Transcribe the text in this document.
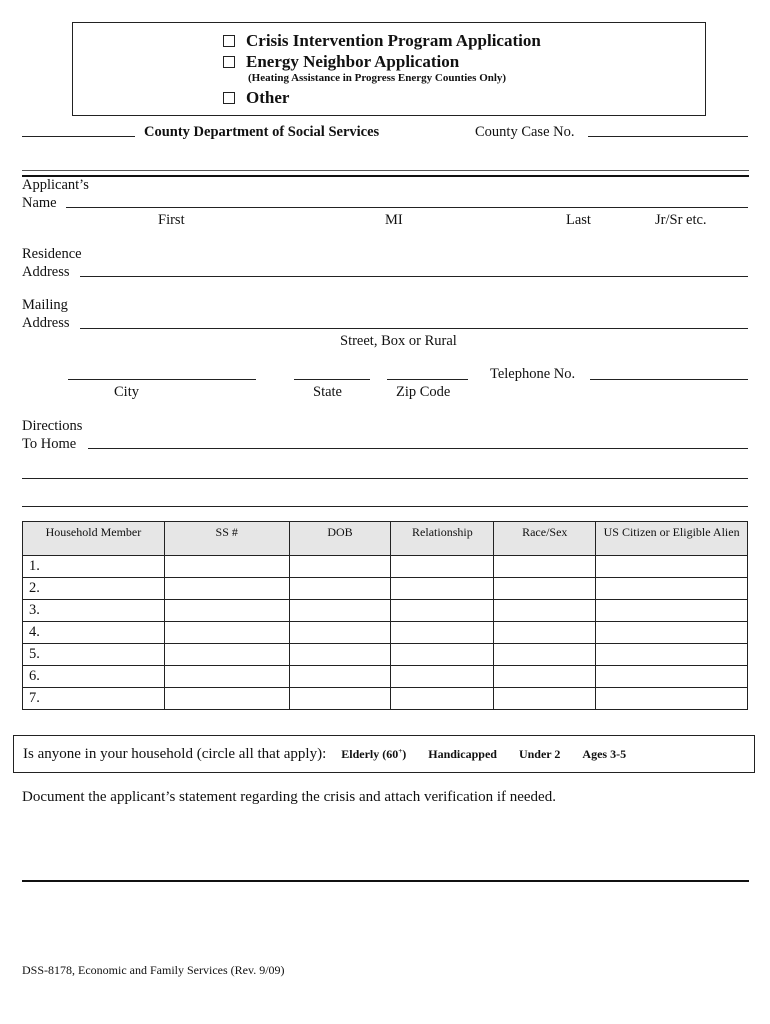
Crisis Intervention Program Application
Energy Neighbor Application
(Heating Assistance in Progress Energy Counties Only)
Other
County Department of Social Services	County Case No.
Applicant’s
Name
First	MI	Last	Jr/Sr etc.
Residence
Address
Mailing
Address
Street, Box or Rural
City	State	Zip Code
Telephone No.
Directions
To Home
Household Member	SS #	DOB	Relationship	Race/Sex	US Citizen or Eligible Alien
1.					
2.					
3.					
4.					
5.					
6.					
7.					
Is anyone in your household (circle all that apply): Elderly (60+) Handicapped Under 2 Ages 3-5
Document the applicant’s statement regarding the crisis and attach verification if needed.
DSS-8178, Economic and Family Services (Rev. 9/09)
